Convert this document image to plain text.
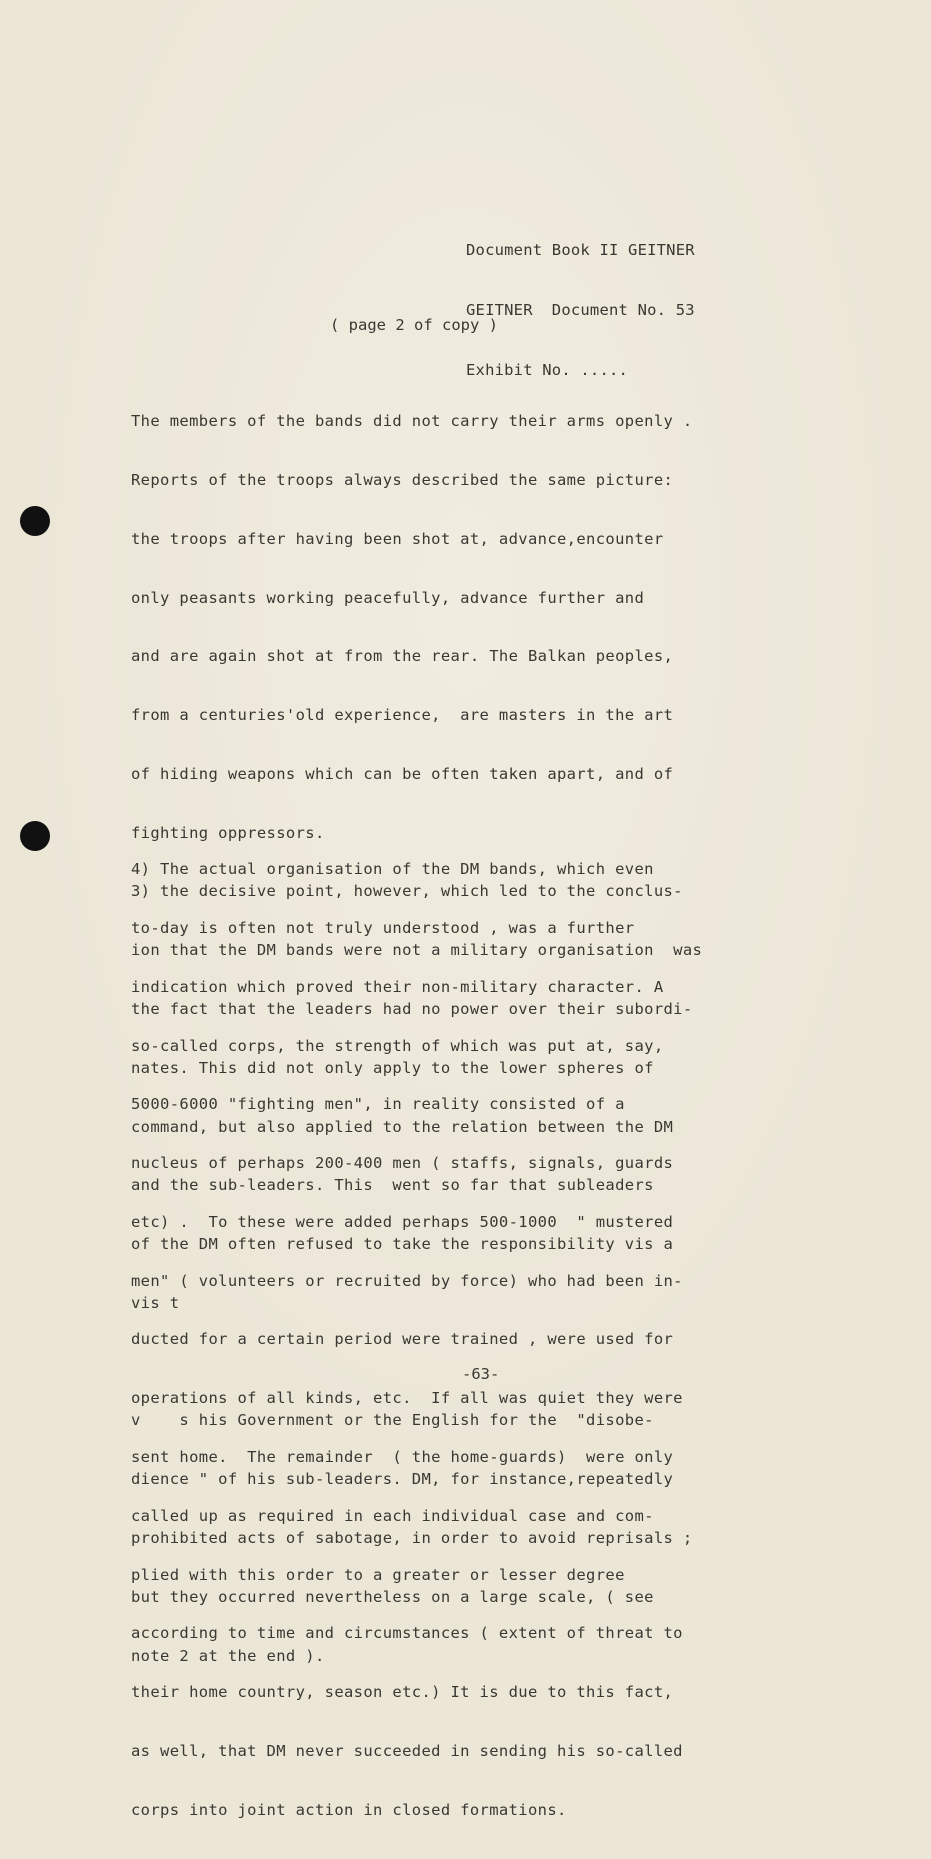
Document Book II GEITNER

GEITNER  Document No. 53

Exhibit No. .....

( page 2 of copy )

The members of the bands did not carry their arms openly .

Reports of the troops always described the same picture:

the troops after having been shot at, advance,encounter

only peasants working peacefully, advance further and

and are again shot at from the rear. The Balkan peoples,

from a centuries'old experience,  are masters in the art

of hiding weapons which can be often taken apart, and of

fighting oppressors.

3) the decisive point, however, which led to the conclus-

ion that the DM bands were not a military organisation  was

the fact that the leaders had no power over their subordi-

nates. This did not only apply to the lower spheres of

command, but also applied to the relation between the DM

and the sub-leaders. This  went so far that subleaders

of the DM often refused to take the responsibility vis a

vis t

v    s his Government or the English for the  "disobe-

dience " of his sub-leaders. DM, for instance,repeatedly

prohibited acts of sabotage, in order to avoid reprisals ;

but they occurred nevertheless on a large scale, ( see

note 2 at the end ).

4) The actual organisation of the DM bands, which even

to-day is often not truly understood , was a further

indication which proved their non-military character. A

so-called corps, the strength of which was put at, say,

5000-6000 "fighting men", in reality consisted of a

nucleus of perhaps 200-400 men ( staffs, signals, guards

etc) .  To these were added perhaps 500-1000  " mustered

men" ( volunteers or recruited by force) who had been in-

ducted for a certain period were trained , were used for

operations of all kinds, etc.  If all was quiet they were

sent home.  The remainder  ( the home-guards)  were only

called up as required in each individual case and com-

plied with this order to a greater or lesser degree

according to time and circumstances ( extent of threat to

their home country, season etc.) It is due to this fact,

as well, that DM never succeeded in sending his so-called

corps into joint action in closed formations.

-63-
